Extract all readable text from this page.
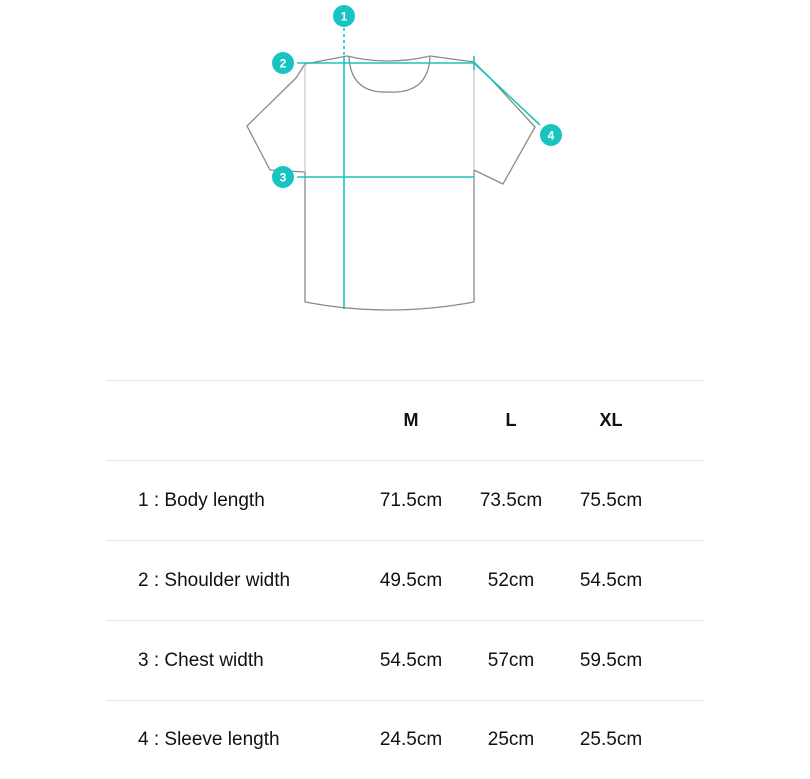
1
2
3
4
	M	L	XL	
1 : Body length	71.5cm	73.5cm	75.5cm	
2 : Shoulder width	49.5cm	52cm	54.5cm	
3 : Chest width	54.5cm	57cm	59.5cm	
4 : Sleeve length	24.5cm	25cm	25.5cm	
